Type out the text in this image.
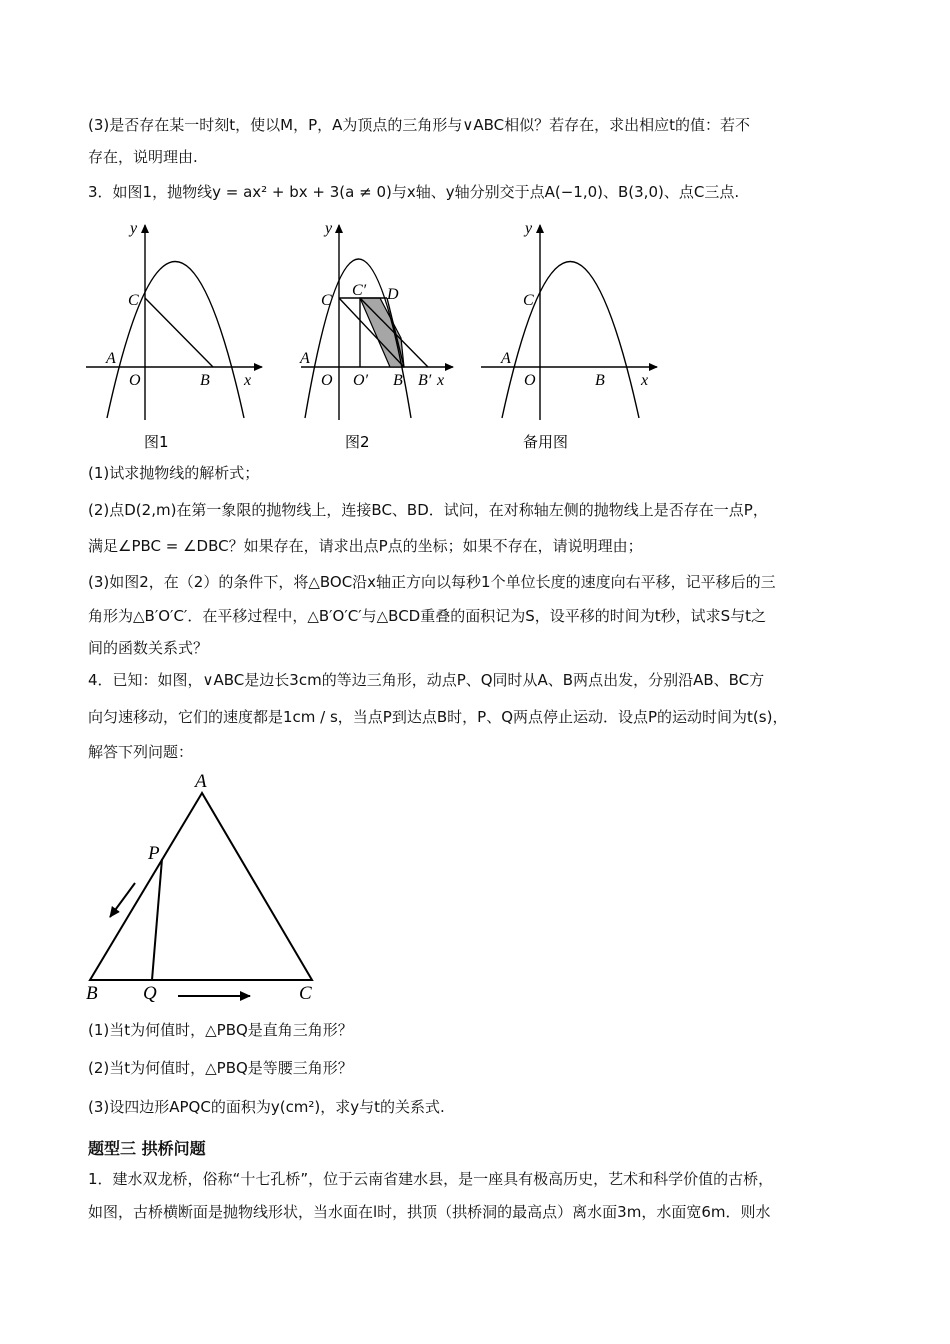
(3)是否存在某一时刻t，使以M，P，A为顶点的三角形与∨ABC相似？若存在，求出相应t的值：若不
存在，说明理由.
3．如图1，抛物线y = ax² + bx + 3(a ≠ 0)与x轴、y轴分别交于点A(−1,0)、B(3,0)、点C三点.
y
x
C
A
O	B
图1
y
x
C
C′ D
A
O O′ B B′
图2
y
x
C
A
O	B
备用图
(1)试求抛物线的解析式；
(2)点D(2,m)在第一象限的抛物线上，连接BC、BD．试问，在对称轴左侧的抛物线上是否存在一点P，
满足∠PBC = ∠DBC？如果存在，请求出点P点的坐标；如果不存在，请说明理由；
(3)如图2，在（2）的条件下，将△BOC沿x轴正方向以每秒1个单位长度的速度向右平移，记平移后的三
角形为△B′O′C′．在平移过程中，△B′O′C′与△BCD重叠的面积记为S，设平移的时间为t秒，试求S与t之
间的函数关系式？
4．已知：如图，∨ABC是边长3cm的等边三角形，动点P、Q同时从A、B两点出发，分别沿AB、BC方
向匀速移动，它们的速度都是1cm / s，当点P到达点B时，P、Q两点停止运动．设点P的运动时间为t(s)，
解答下列问题：
A
P
B Q	C
(1)当t为何值时，△PBQ是直角三角形？
(2)当t为何值时，△PBQ是等腰三角形？
(3)设四边形APQC的面积为y(cm²)，求y与t的关系式.
题型三 拱桥问题
1．建水双龙桥，俗称“十七孔桥”，位于云南省建水县，是一座具有极高历史，艺术和科学价值的古桥，
如图，古桥横断面是抛物线形状，当水面在l时，拱顶（拱桥洞的最高点）离水面3m，水面宽6m．则水
